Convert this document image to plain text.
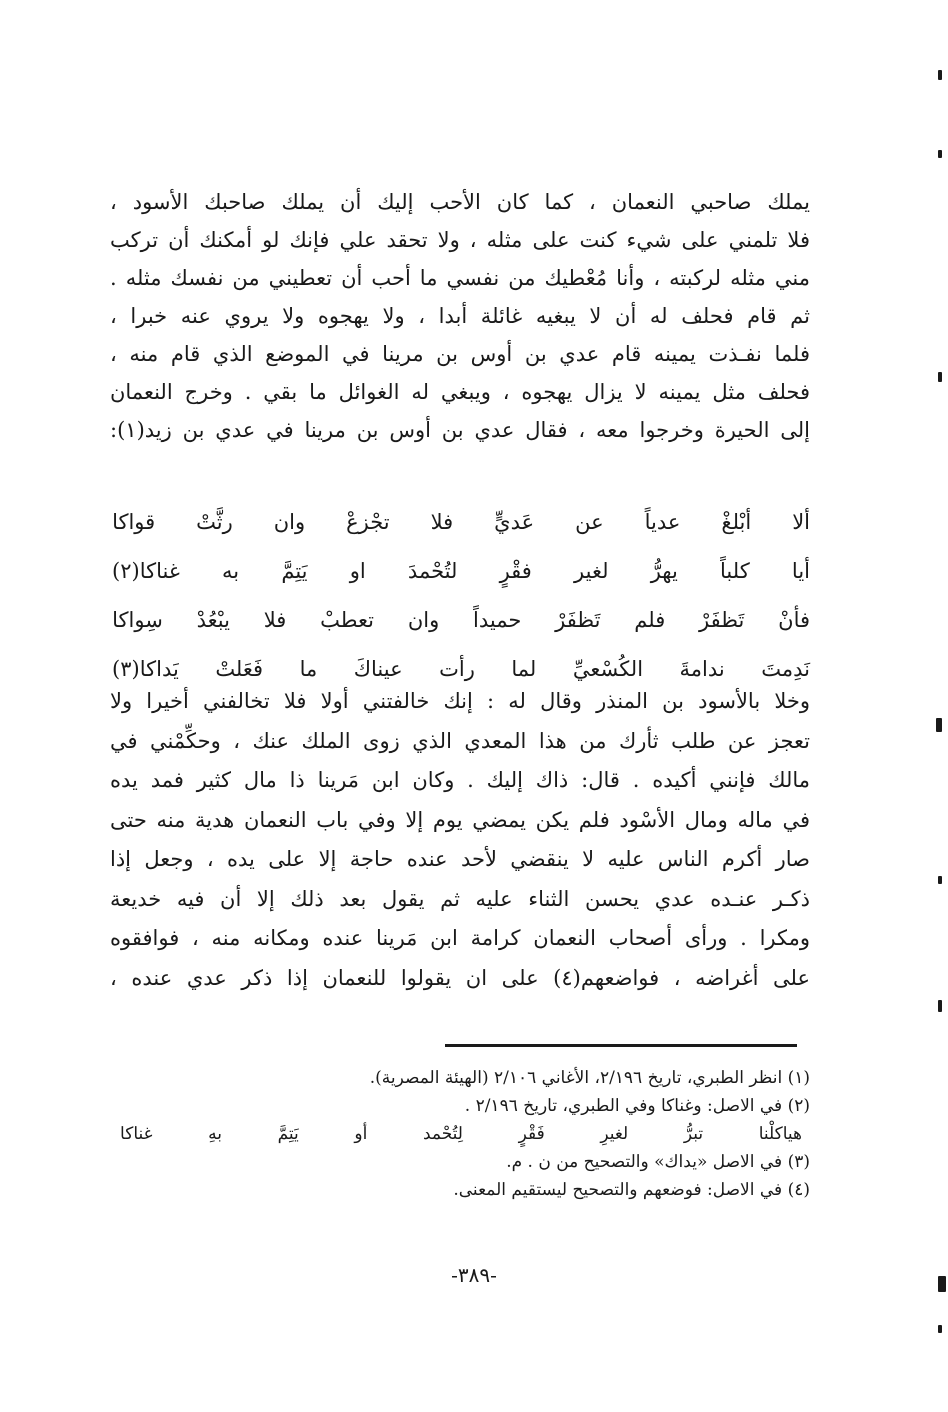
يملك صاحبي النعمان ، كما كان الأحب إليك أن يملك صاحبك الأسود ،
فلا تلمني على شيء كنت على مثله ، ولا تحقد علي فإنك لو أمكنك أن تركب
مني مثله لركبته ، وأنا مُعْطيك من نفسي ما أحب أن تعطيني من نفسك مثله .
ثم قام فحلف له أن لا يبغيه غائلة أبدا ، ولا يهجوه ولا يروي عنه خبرا ،
فلما نفـذت يمينه قام عدي بن أوس بن مرينا في الموضع الذي قام منه ،
فحلف مثل يمينه لا يزال يهجوه ، ويبغي له الغوائل ما بقي . وخرج النعمان
إلى الحيرة وخرجوا معه ، فقال عدي بن أوس بن مرينا في عدي بن زيد(١):
ألا
أبْلغْ
عدياً
عن
عَديٍّ
فلا
تجْزعْ
وان
رثَّتْ
قواكا
أيا
كلباً
يهرُّ
لغير
فقْرٍ
لتُحْمدَ
او
يَتِمَّ
به
غناكا(٢)
فأنْ
تَظفَرْ
فلم
تَظفَرْ
حميداً
وان
تعطبْ
فلا
يبْعُدْ
سِواكا
نَدِمتَ
ندامةَ
الكُسْعيِّ
لما
رأت
عيناكَ
ما
فَعَلتْ
يَداكا(٣)
وخلا بالأسود بن المنذر وقال له : إنك خالفتني أولا فلا تخالفني أخيرا ولا
تعجز عن طلب ثأرك من هذا المعدي الذي زوى الملك عنك ، وحكِّمْني في
مالك فإنني أكيده . قال: ذاك إليك . وكان ابن مَرينا ذا مال كثير فمد يده
في ماله ومال الأسْود فلم يكن يمضي يوم إلا وفي باب النعمان هدية منه حتى
صار أكرم الناس عليه لا ينقضي لأحد عنده حاجة إلا على يده ، وجعل إذا
ذكـر عنـده عدي يحسن الثناء عليه ثم يقول بعد ذلك إلا أن فيه خديعة
ومكرا . ورأى أصحاب النعمان كرامة ابن مَرينا عنده ومكانه منه ، فوافقوه
على أغراضه ، فواضعهم(٤) على ان يقولوا للنعمان إذا ذكر عدي عنده ،
(١) انظر الطبري، تاريخ ٢/١٩٦، الأغاني ٢/١٠٦ (الهيئة المصرية).
(٢) في الاصل: وغناكا وفي الطبري، تاريخ ٢/١٩٦ .
هياكلْنا
تبرُّ
لغيرِ
فَقْرٍ
لِتُحْمد
أو
يَتِمَّ
بهِ
غناكا
(٣) في الاصل «يداك» والتصحيح من ن . م.
(٤) في الاصل: فوضعهم والتصحيح ليستقيم المعنى.
-٣٨٩-
